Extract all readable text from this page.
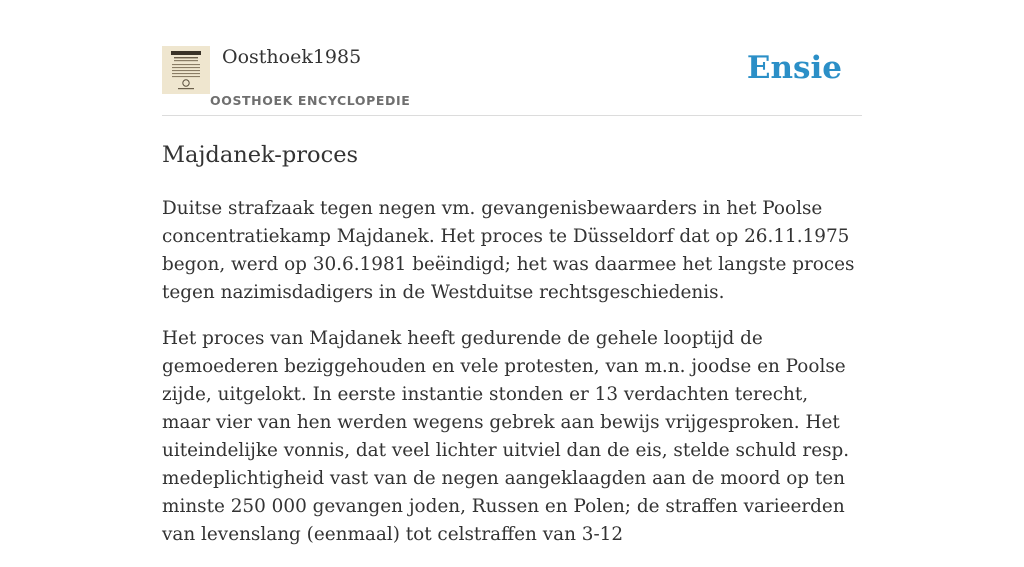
Oosthoek1985
OOSTHOEK ENCYCLOPEDIE
Ensie
Majdanek-proces

Duitse strafzaak tegen negen vm. gevangenisbewaarders in het Poolse concentratiekamp Majdanek. Het proces te Düsseldorf dat op 26.11.1975 begon, werd op 30.6.1981 beëindigd; het was daarmee het langste proces tegen nazimisdadigers in de Westduitse rechtsgeschiedenis.

Het proces van Majdanek heeft gedurende de gehele looptijd de gemoederen beziggehouden en vele protesten, van m.n. joodse en Poolse zijde, uitgelokt. In eerste instantie stonden er 13 verdachten terecht, maar vier van hen werden wegens gebrek aan bewijs vrijgesproken. Het uiteindelijke vonnis, dat veel lichter uitviel dan de eis, stelde schuld resp. medeplichtigheid vast van de negen aangeklaagden aan de moord op ten minste 250 000 gevangen joden, Russen en Polen; de straffen varieerden van levenslang (eenmaal) tot celstraffen van 3-12
